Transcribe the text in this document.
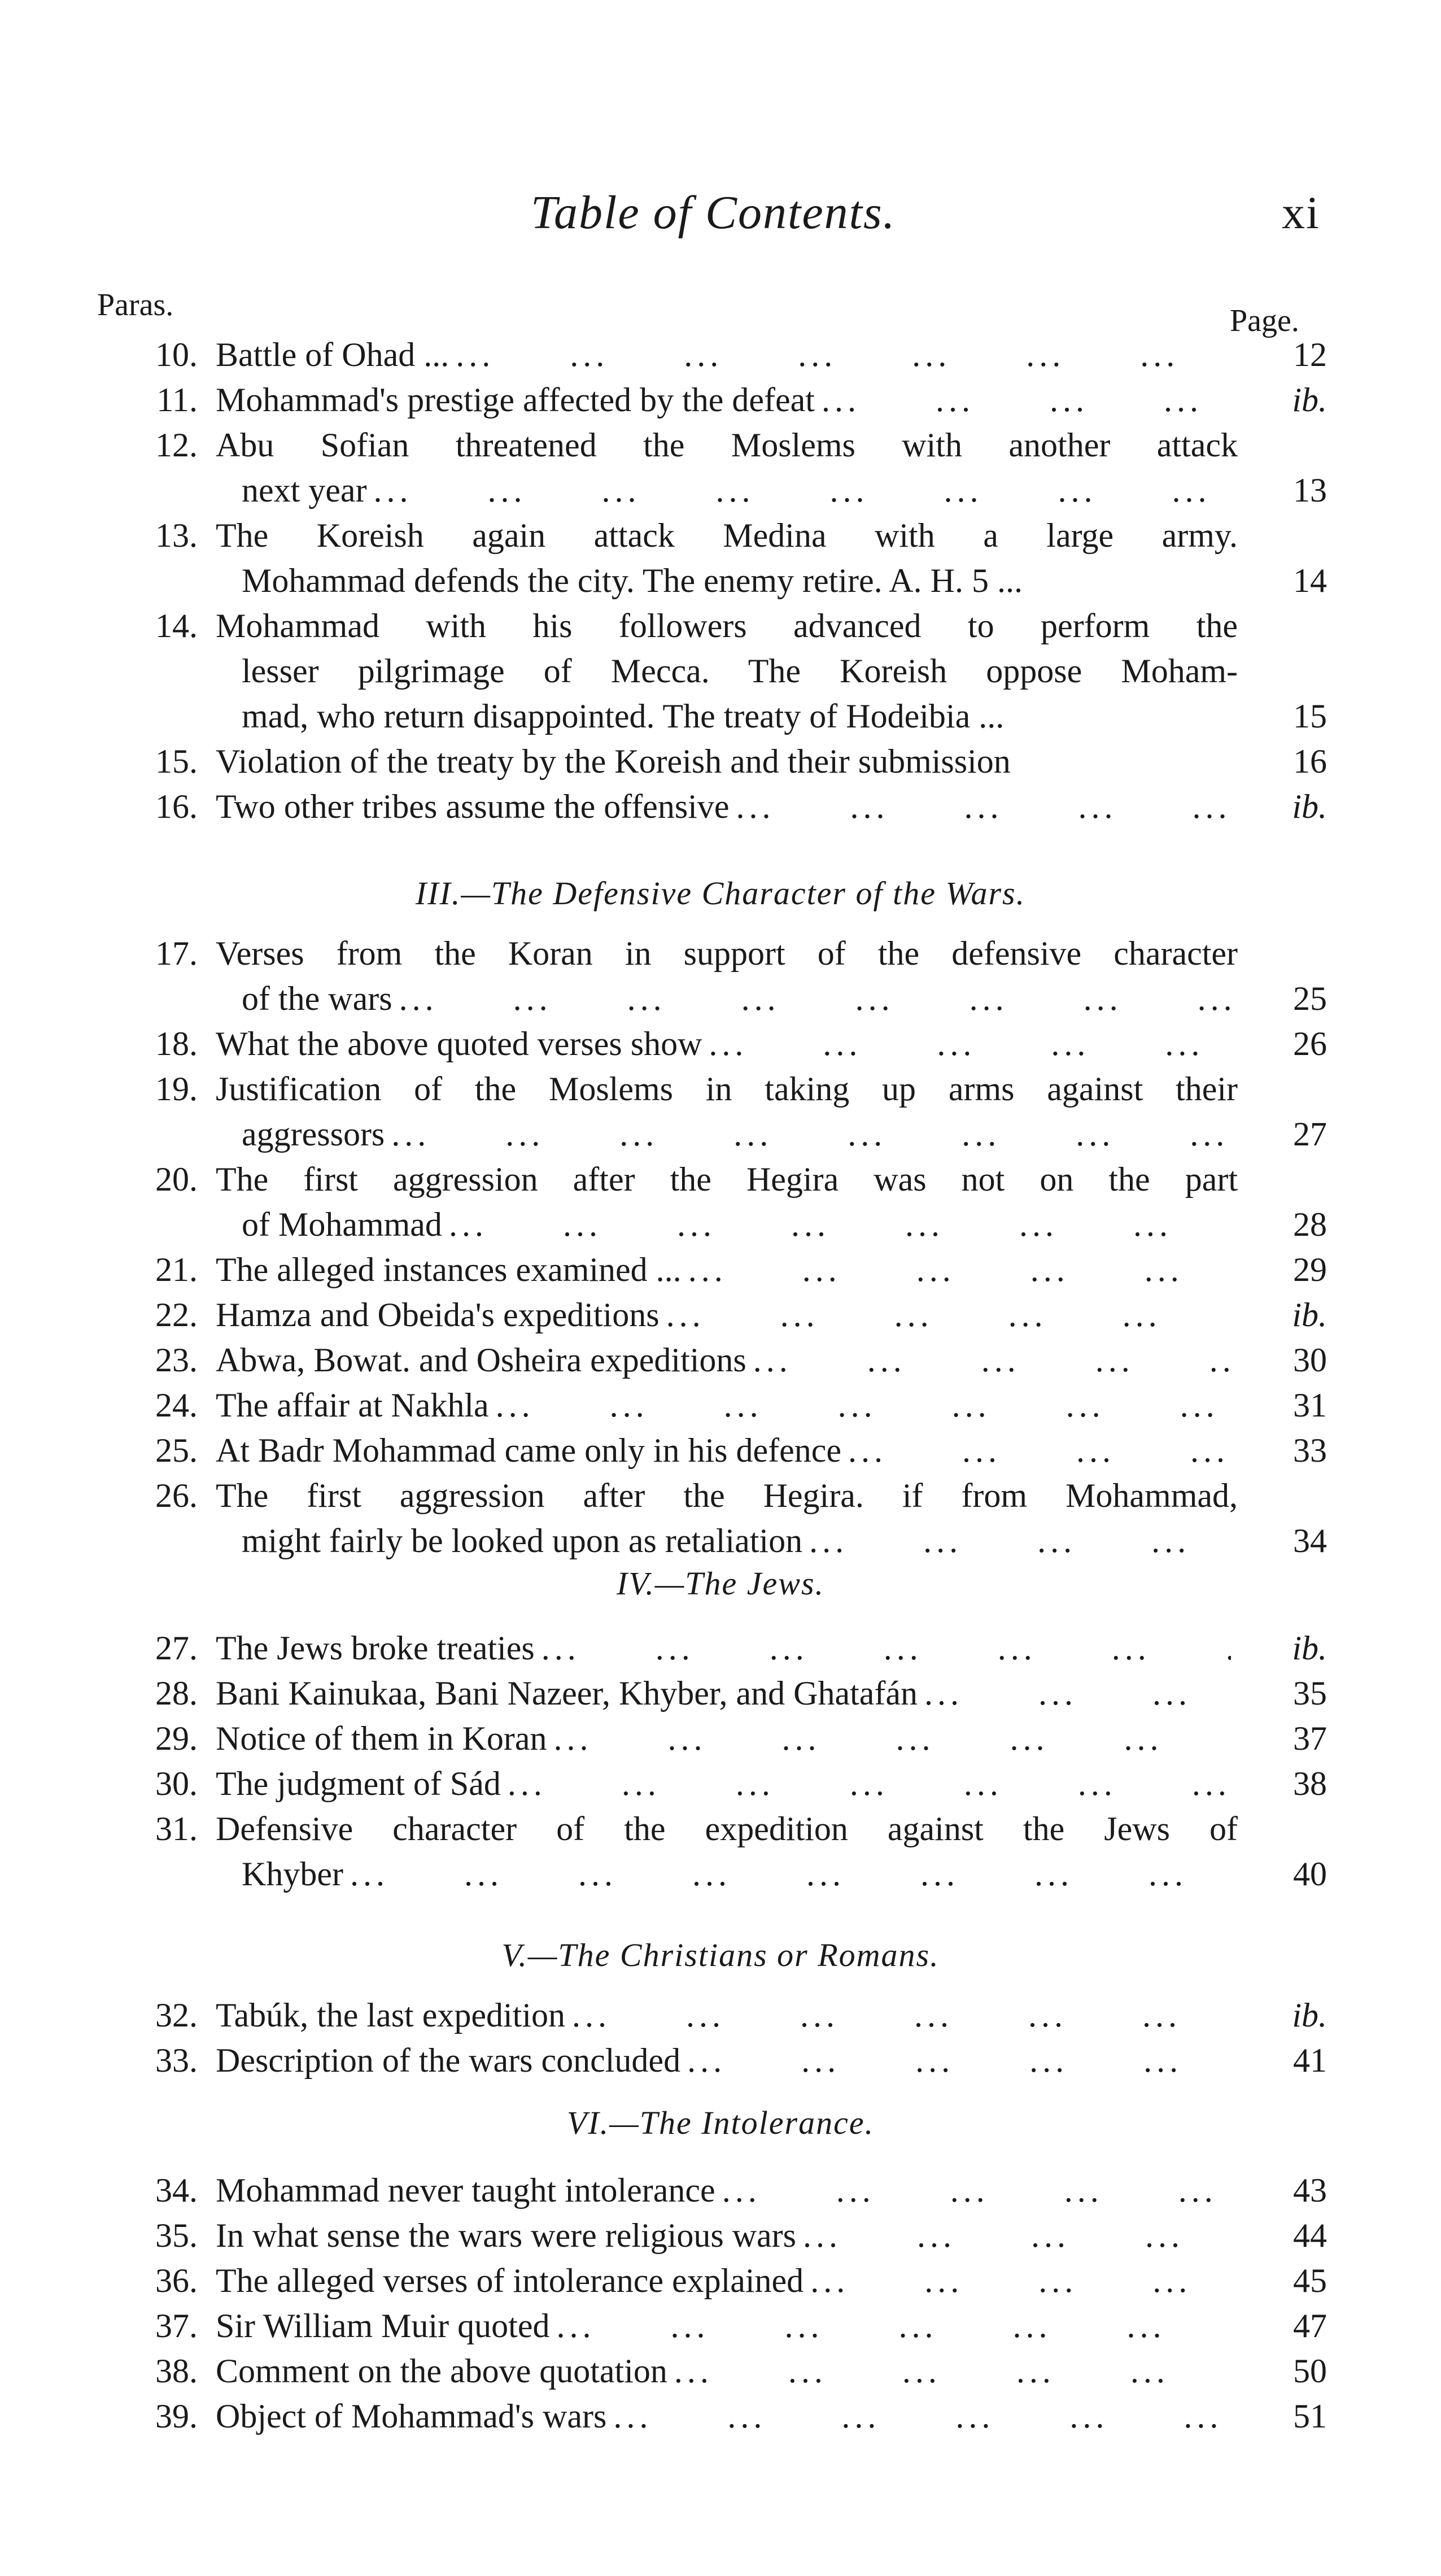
Table of Contents.	xi
Paras.	Page.
10. Battle of Ohad ... ... .	12
11. Mohammad's prestige affected by the defeat ... .	ib.
12. Abu Sofian threatened the Moslems with another attack
next year ... .	13
13. The Koreish again attack Medina with a large army.
Mohammad defends the city. The enemy retire. A. H. 5 ...	14
14. Mohammad with his followers advanced to perform the
lesser pilgrimage of Mecca. The Koreish oppose Moham-
mad, who return disappointed. The treaty of Hodeibia ...	15
15. Violation of the treaty by the Koreish and their submission	16
16. Two other tribes assume the offensive ... .	ib.
III.—The Defensive Character of the Wars.
17. Verses from the Koran in support of the defensive character
of the wars ... .	25
18. What the above quoted verses show ... .	26
19. Justification of the Moslems in taking up arms against their
aggressors ... .	27
20. The first aggression after the Hegira was not on the part
of Mohammad ... .	28
21. The alleged instances examined ... ... .	29
22. Hamza and Obeida's expeditions ... .	ib.
23. Abwa, Bowat. and Osheira expeditions ... .	30
24. The affair at Nakhla ... .	31
25. At Badr Mohammad came only in his defence ... .	33
26. The first aggression after the Hegira. if from Mohammad,
might fairly be looked upon as retaliation ... .	34
IV.—The Jews.
27. The Jews broke treaties ... .	ib.
28. Bani Kainukaa, Bani Nazeer, Khyber, and Ghatafán ... .	35
29. Notice of them in Koran ... .	37
30. The judgment of Sád ... .	38
31. Defensive character of the expedition against the Jews of
Khyber ... .	40
V.—The Christians or Romans.
32. Tabúk, the last expedition ... .	ib.
33. Description of the wars concluded ... .	41
VI.—The Intolerance.
34. Mohammad never taught intolerance ... .	43
35. In what sense the wars were religious wars ... .	44
36. The alleged verses of intolerance explained ... .	45
37. Sir William Muir quoted ... .	47
38. Comment on the above quotation ... .	50
39. Object of Mohammad's wars ... .	51
